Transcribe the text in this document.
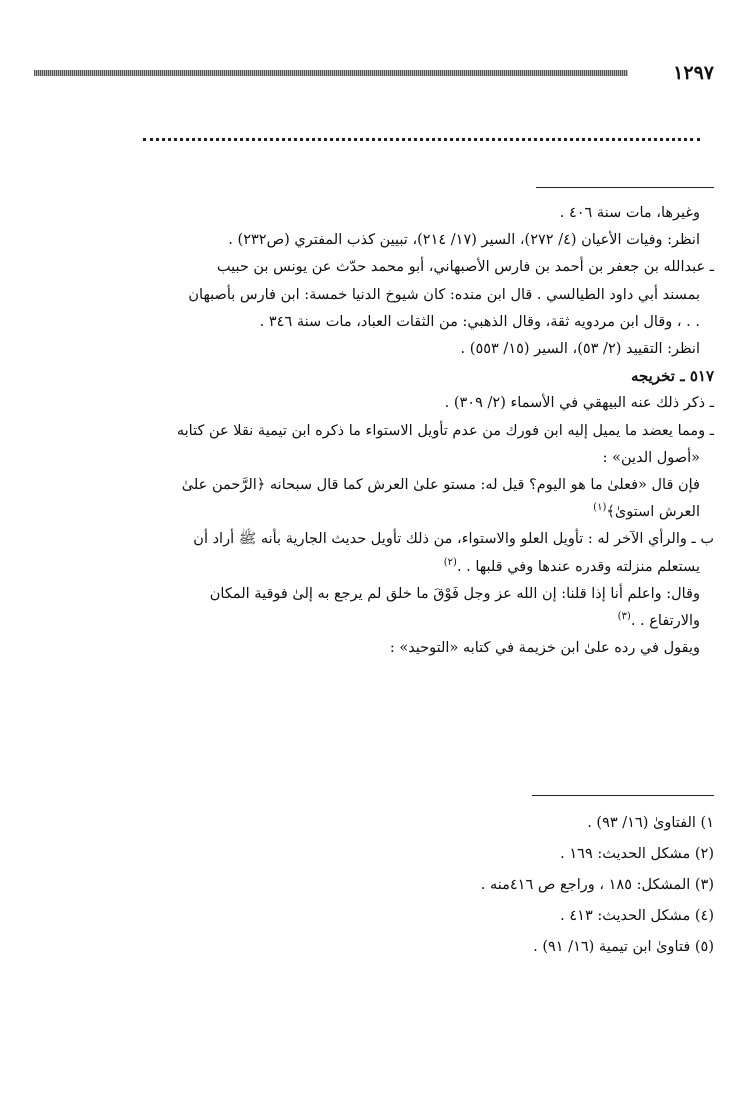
١٢٩٧

وغيرها، مات سنة ٤٠٦ .

انظر: وفيات الأعيان (٤/ ٢٧٢)، السير (١٧/ ٢١٤)، تبيين كذب المفتري (ص٢٣٢) .

ـ عبدالله بن جعفر بن أحمد بن فارس الأصبهاني، أبو محمد حدّث عن يونس بن حبيب

بمسند أبي داود الطيالسي . قال ابن منده: كان شيوخ الدنيا خمسة: ابن فارس بأصبهان

. . ، وقال ابن مردويه ثقة، وقال الذهبي: من الثقات العباد، مات سنة ٣٤٦ .

انظر: التقييد (٢/ ٥٣)، السير (١٥/ ٥٥٣) .

٥١٧ ـ تخريجه

ـ ذكر ذلك عنه البيهقي في الأسماء (٢/ ٣٠٩) .

ـ ومما يعضد ما يميل إليه ابن فورك من عدم تأويل الاستواء ما ذكره ابن تيمية نقلا عن كتابه

«أصول الدين» :

فإن قال «فعلىٰ ما هو اليوم؟ قيل له: مستو علىٰ العرش كما قال سبحانه ﴿الرَّحمن علىٰ

العرش استوىٰ﴾$^{(١)}$

ب ـ والرأي الآخر له : تأويل العلو والاستواء، من ذلك تأويل حديث الجارية بأنه ﷺ أراد أن

يستعلم منزلته وقدره عندها وفي قلبها . .$^{(٢)}$

وقال: واعلم أنا إذا قلنا: إن الله عز وجل فَوْقَ ما خلق لم يرجع به إلىٰ فوقية المكان

والارتفاع . .$^{(٣)}$

ويقول في رده علىٰ ابن خزيمة في كتابه «التوحيد» :

١) الفتاوىٰ (١٦/ ٩٣) .

(٢) مشكل الحديث: ١٦٩ .

(٣) المشكل: ١٨٥ ، وراجع ص ٤١٦منه .

(٤) مشكل الحديث: ٤١٣ .

(٥) فتاوىٰ ابن تيمية (١٦/ ٩١) .
